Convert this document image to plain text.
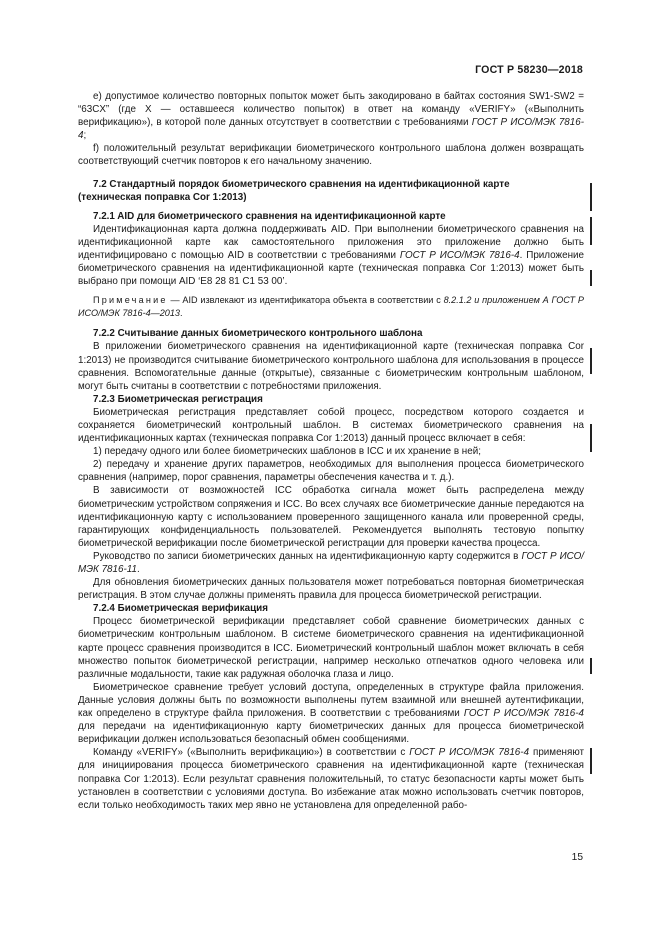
ГОСТ Р 58230—2018

е) допустимое количество повторных попыток может быть закодировано в байтах состояния SW1-SW2 = “63CX” (где X — оставшееся количество попыток) в ответ на команду «VERIFY» («Выполнить верификацию»), в которой поле данных отсутствует в соответствии с требованиями ГОСТ Р ИСО/МЭК 7816-4;

f) положительный результат верификации биометрического контрольного шаблона должен возвращать соответствующий счетчик повторов к его начальному значению.

7.2 Стандартный порядок биометрического сравнения на идентификационной карте
(техническая поправка Cor 1:2013)
7.2.1 AID для биометрического сравнения на идентификационной карте

Идентификационная карта должна поддерживать AID. При выполнении биометрического сравнения на идентификационной карте как самостоятельного приложения это приложение должно быть идентифицировано с помощью AID в соответствии с требованиями ГОСТ Р ИСО/МЭК 7816-4. Приложение биометрического сравнения на идентификационной карте (техническая поправка Cor 1:2013) может быть выбрано при помощи AID ‘E8 28 81 C1 53 00’.

Примечание — AID извлекают из идентификатора объекта в соответствии с 8.2.1.2 и приложением А ГОСТ Р ИСО/МЭК 7816-4—2013.

7.2.2 Считывание данных биометрического контрольного шаблона

В приложении биометрического сравнения на идентификационной карте (техническая поправка Cor 1:2013) не производится считывание биометрического контрольного шаблона для использования в процессе сравнения. Вспомогательные данные (открытые), связанные с биометрическим контрольным шаблоном, могут быть считаны в соответствии с потребностями приложения.

7.2.3 Биометрическая регистрация

Биометрическая регистрация представляет собой процесс, посредством которого создается и сохраняется биометрический контрольный шаблон. В системах биометрического сравнения на идентификационных картах (техническая поправка Cor 1:2013) данный процесс включает в себя:

1) передачу одного или более биометрических шаблонов в ICC и их хранение в ней;

2) передачу и хранение других параметров, необходимых для выполнения процесса биометрического сравнения (например, порог сравнения, параметры обеспечения качества и т. д.).

В зависимости от возможностей ICC обработка сигнала может быть распределена между биометрическим устройством сопряжения и ICC. Во всех случаях все биометрические данные передаются на идентификационную карту с использованием проверенного защищенного канала или проверенной среды, гарантирующих конфиденциальность пользователей. Рекомендуется выполнять тестовую попытку биометрической верификации после биометрической регистрации для проверки качества процесса.

Руководство по записи биометрических данных на идентификационную карту содержится в ГОСТ Р ИСО/МЭК 7816-11.

Для обновления биометрических данных пользователя может потребоваться повторная биометрическая регистрация. В этом случае должны применять правила для процесса биометрической регистрации.

7.2.4 Биометрическая верификация

Процесс биометрической верификации представляет собой сравнение биометрических данных с биометрическим контрольным шаблоном. В системе биометрического сравнения на идентификационной карте процесс сравнения производится в ICC. Биометрический контрольный шаблон может включать в себя множество попыток биометрической регистрации, например несколько отпечатков одного человека или различные модальности, такие как радужная оболочка глаза и лицо.

Биометрическое сравнение требует условий доступа, определенных в структуре файла приложения. Данные условия должны быть по возможности выполнены путем взаимной или внешней аутентификации, как определено в структуре файла приложения. В соответствии с требованиями ГОСТ Р ИСО/МЭК 7816-4 для передачи на идентификационную карту биометрических данных для процесса биометрической верификации должен использоваться безопасный обмен сообщениями.

Команду «VERIFY» («Выполнить верификацию») в соответствии с ГОСТ Р ИСО/МЭК 7816-4 применяют для инициирования процесса биометрического сравнения на идентификационной карте (техническая поправка Cor 1:2013). Если результат сравнения положительный, то статус безопасности карты может быть установлен в соответствии с условиями доступа. Во избежание атак можно использовать счетчик повторов, если только необходимость таких мер явно не установлена для определенной рабо-

15
